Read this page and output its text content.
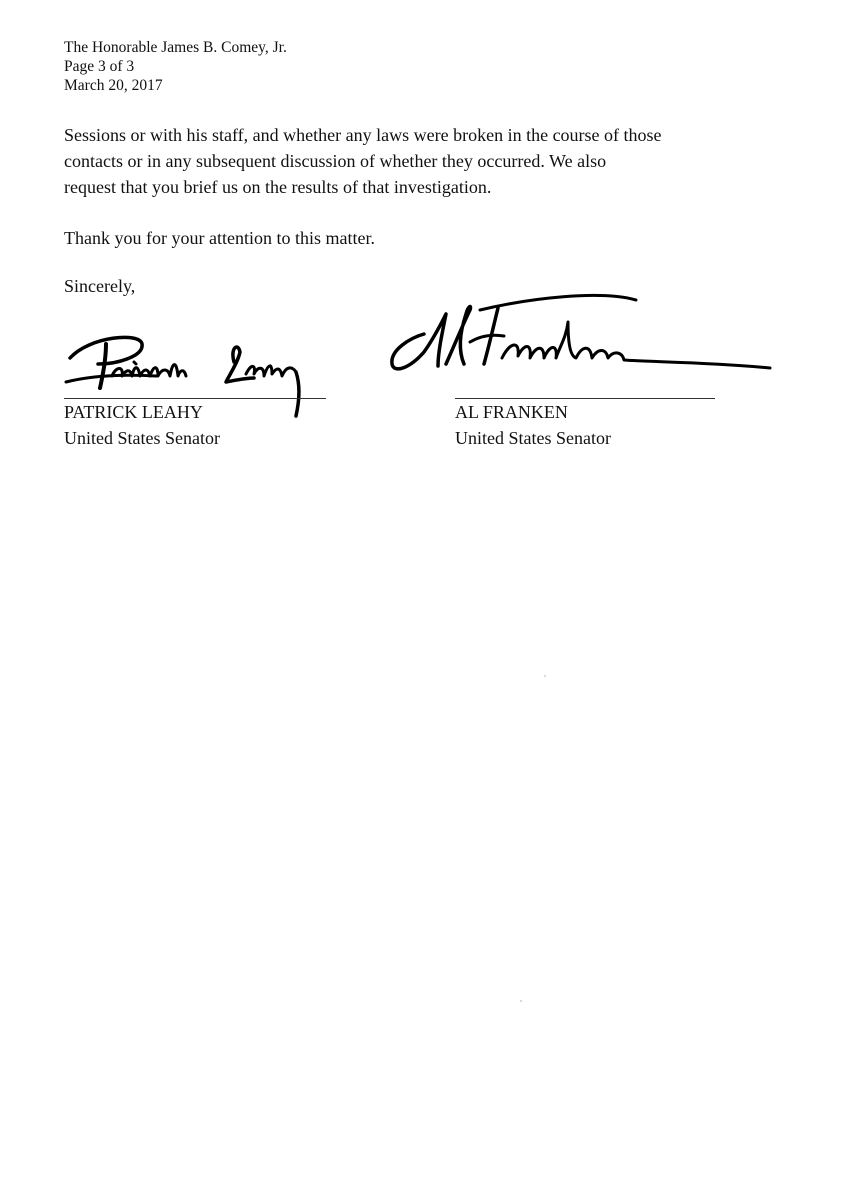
The Honorable James B. Comey, Jr.
Page 3 of 3
March 20, 2017

Sessions or with his staff, and whether any laws were broken in the course of those
contacts or in any subsequent discussion of whether they occurred. We also
request that you brief us on the results of that investigation.

Thank you for your attention to this matter.

Sincerely,
PATRICK LEAHY
United States Senator
AL FRANKEN
United States Senator
